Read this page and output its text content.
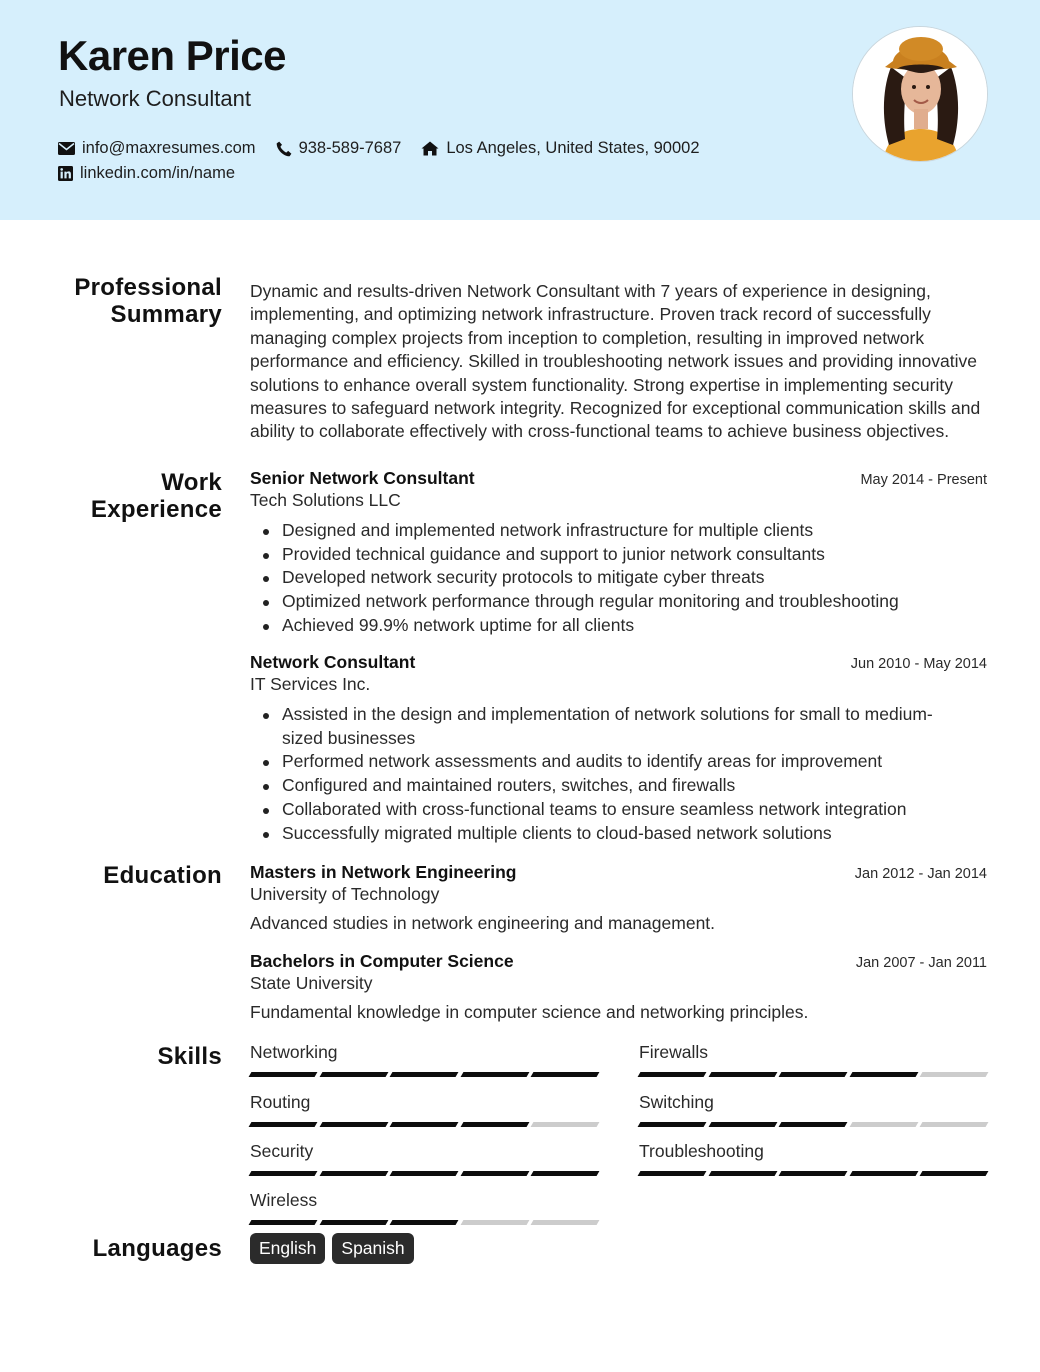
Karen Price
Network Consultant
info@maxresumes.com	938-589-7687	Los Angeles, United States, 90002
linkedin.com/in/name
Professional
Summary
Dynamic and results-driven Network Consultant with 7 years of experience in designing, implementing, and optimizing network infrastructure. Proven track record of successfully managing complex projects from inception to completion, resulting in improved network performance and efficiency. Skilled in troubleshooting network issues and providing innovative solutions to enhance overall system functionality. Strong expertise in implementing security measures to safeguard network integrity. Recognized for exceptional communication skills and ability to collaborate effectively with cross-functional teams to achieve business objectives.
Work
Experience
Senior Network Consultant	May 2014 - Present
Tech Solutions LLC
Designed and implemented network infrastructure for multiple clients
Provided technical guidance and support to junior network consultants
Developed network security protocols to mitigate cyber threats
Optimized network performance through regular monitoring and troubleshooting
Achieved 99.9% network uptime for all clients
Network Consultant	Jun 2010 - May 2014
IT Services Inc.
Assisted in the design and implementation of network solutions for small to medium-sized businesses
Performed network assessments and audits to identify areas for improvement
Configured and maintained routers, switches, and firewalls
Collaborated with cross-functional teams to ensure seamless network integration
Successfully migrated multiple clients to cloud-based network solutions
Education Masters in Network Engineering	Jan 2012 - Jan 2014
University of Technology
Advanced studies in network engineering and management.
Bachelors in Computer Science	Jan 2007 - Jan 2011
State University
Fundamental knowledge in computer science and networking principles.
Skills Networking	Firewalls
Routing	Switching
Security	Troubleshooting
Wireless
Languages	English	Spanish
